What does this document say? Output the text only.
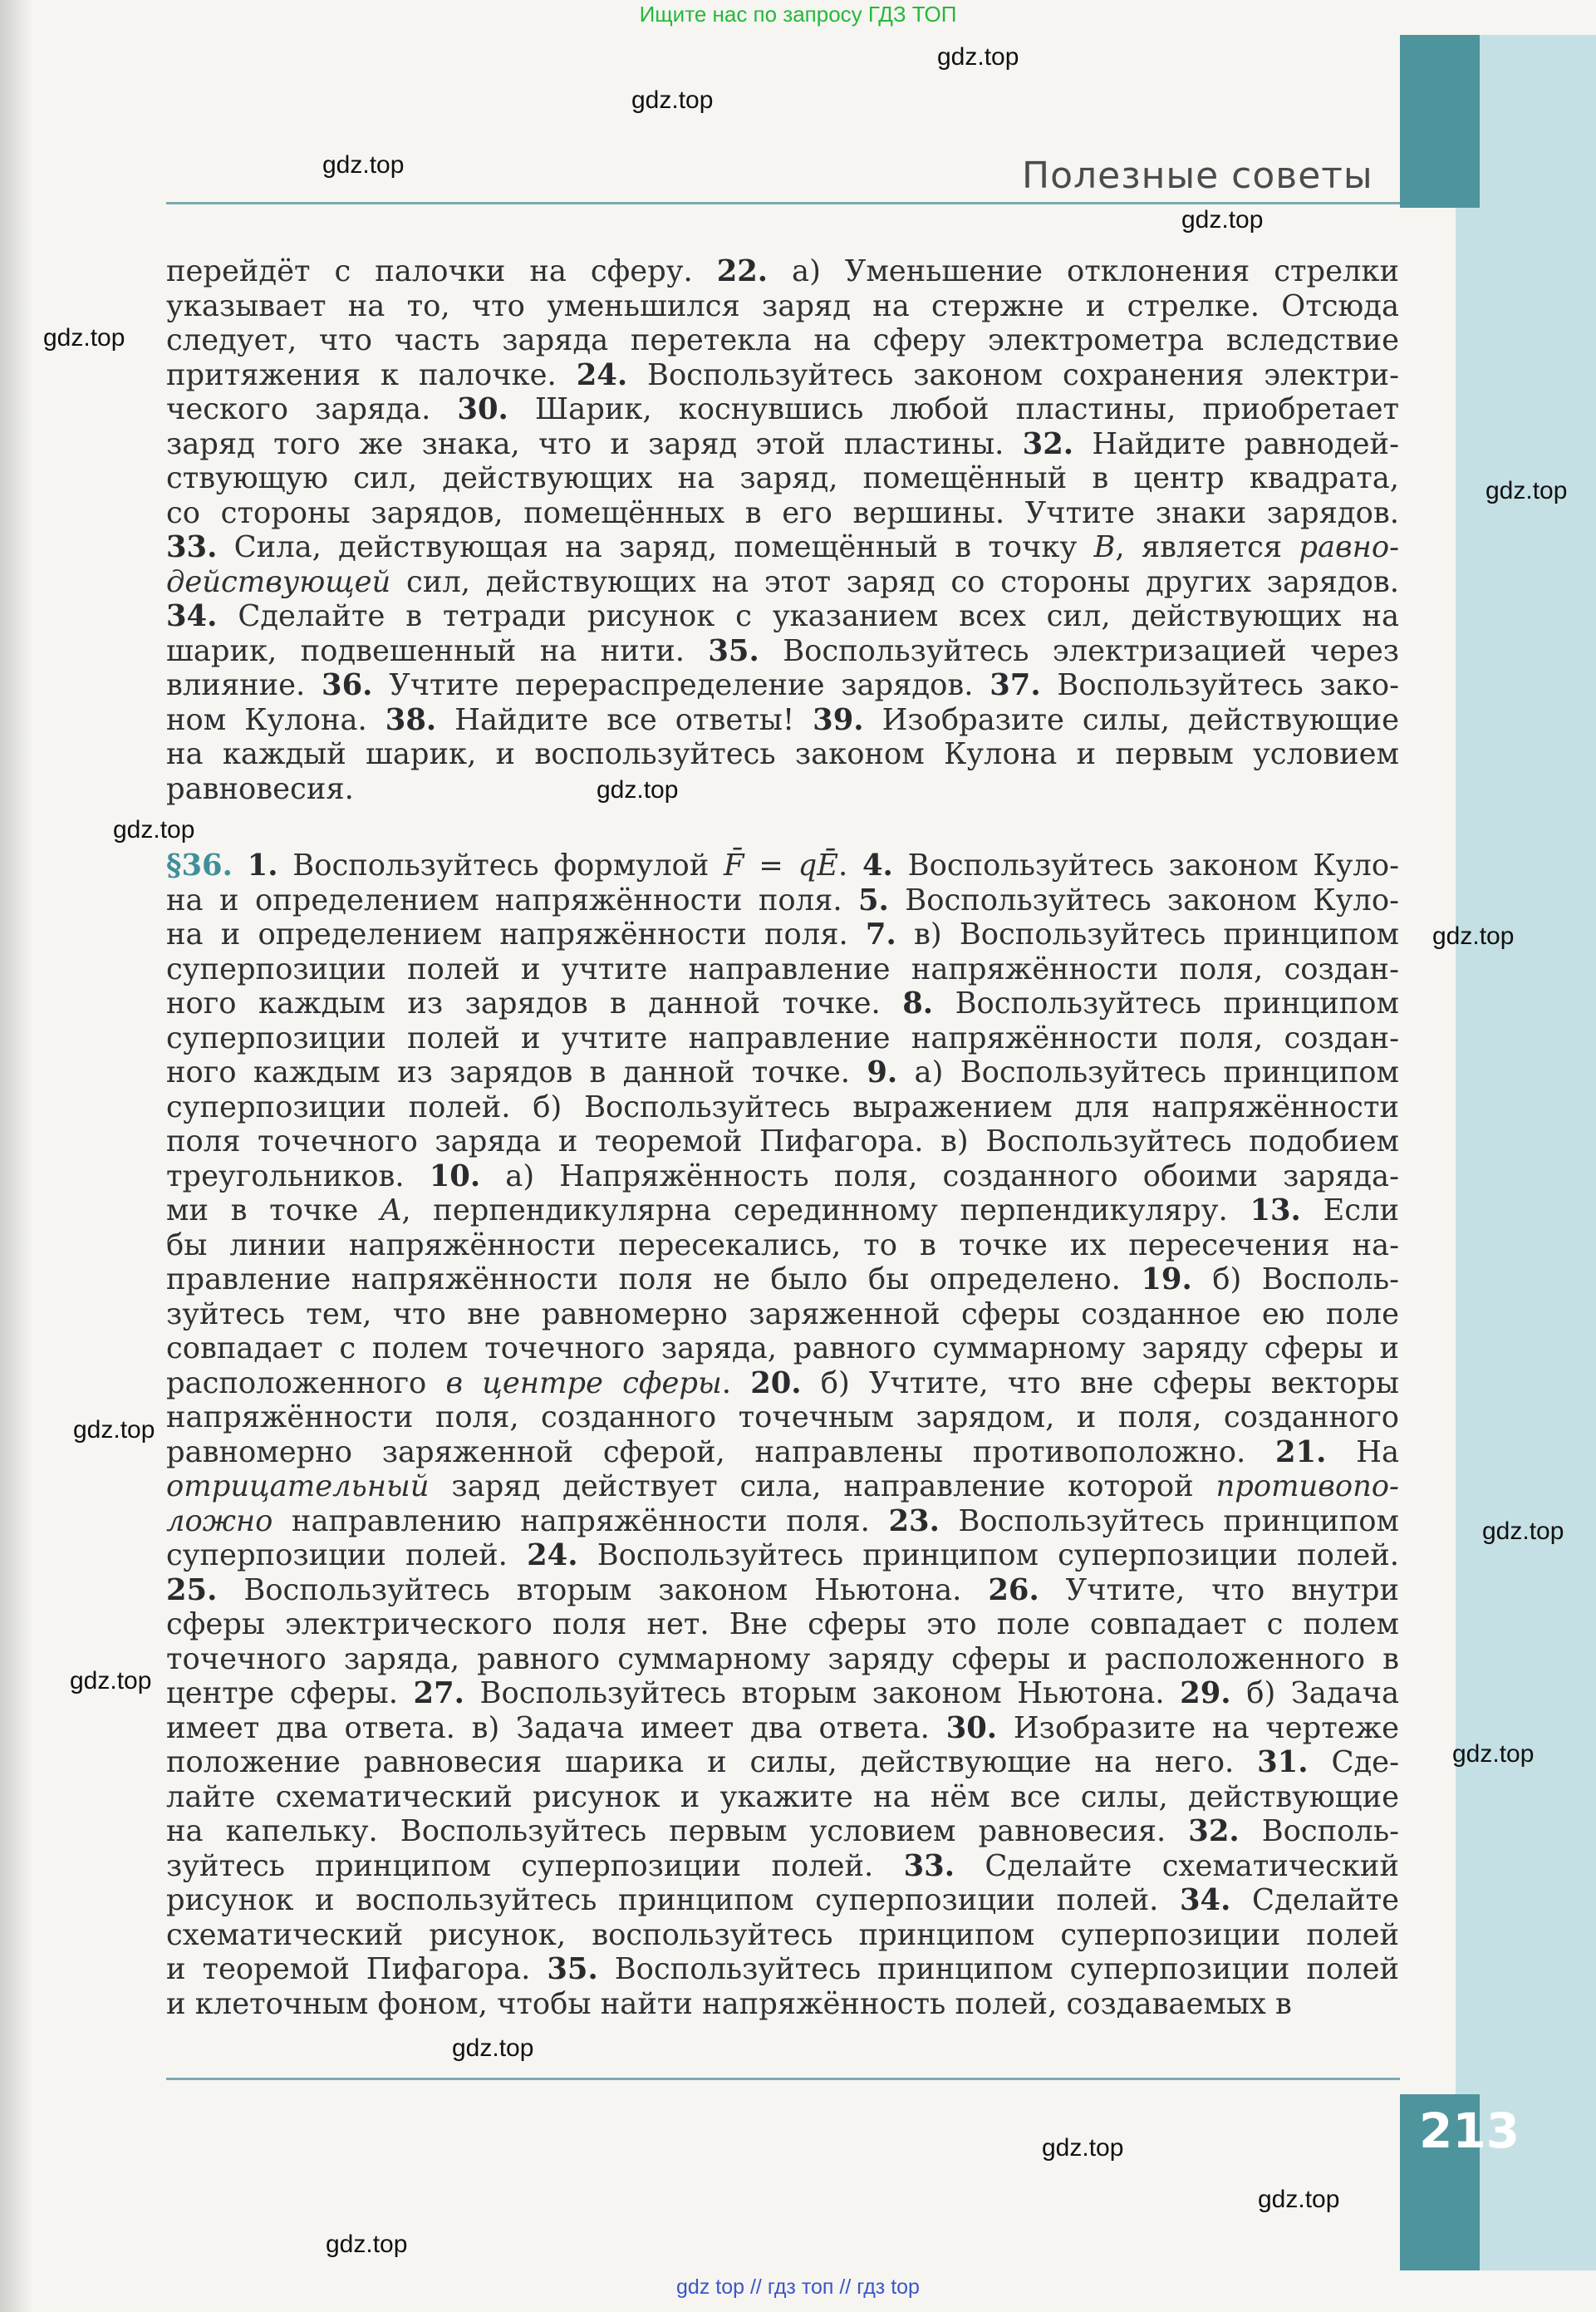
Ищите нас по запросу ГДЗ ТОП
Полезные советы

перейдёт с палочки на сферу. 22. а) Уменьшение отклонения стрелки

указывает на то, что уменьшился заряд на стержне и стрелке. Отсюда

следует, что часть заряда перетекла на сферу электрометра вследствие

притяжения к палочке. 24. Воспользуйтесь законом сохранения электри-

ческого заряда. 30. Шарик, коснувшись любой пластины, приобретает

заряд того же знака, что и заряд этой пластины. 32. Найдите равнодей-

ствующую сил, действующих на заряд, помещённый в центр квадрата,

со стороны зарядов, помещённых в его вершины. Учтите знаки зарядов.

33. Сила, действующая на заряд, помещённый в точку B, является равно-

действующей сил, действующих на этот заряд со стороны других зарядов.

34. Сделайте в тетради рисунок с указанием всех сил, действующих на

шарик, подвешенный на нити. 35. Воспользуйтесь электризацией через

влияние. 36. Учтите перераспределение зарядов. 37. Воспользуйтесь зако-

ном Кулона. 38. Найдите все ответы! 39. Изобразите силы, действующие

на каждый шарик, и воспользуйтесь законом Кулона и первым условием

равновесия.

§36. 1. Воспользуйтесь формулой F̄ = qĒ. 4. Воспользуйтесь законом Куло-

на и определением напряжённости поля. 5. Воспользуйтесь законом Куло-

на и определением напряжённости поля. 7. в) Воспользуйтесь принципом

суперпозиции полей и учтите направление напряжённости поля, создан-

ного каждым из зарядов в данной точке. 8. Воспользуйтесь принципом

суперпозиции полей и учтите направление напряжённости поля, создан-

ного каждым из зарядов в данной точке. 9. а) Воспользуйтесь принципом

суперпозиции полей. б) Воспользуйтесь выражением для напряжённости

поля точечного заряда и теоремой Пифагора. в) Воспользуйтесь подобием

треугольников. 10. а) Напряжённость поля, созданного обоими заряда-

ми в точке A, перпендикулярна серединному перпендикуляру. 13. Если

бы линии напряжённости пересекались, то в точке их пересечения на-

правление напряжённости поля не было бы определено. 19. б) Восполь-

зуйтесь тем, что вне равномерно заряженной сферы созданное ею поле

совпадает с полем точечного заряда, равного суммарному заряду сферы и

расположенного в центре сферы. 20. б) Учтите, что вне сферы векторы

напряжённости поля, созданного точечным зарядом, и поля, созданного

равномерно заряженной сферой, направлены противоположно. 21. На

отрицательный заряд действует сила, направление которой противопо-

ложно направлению напряжённости поля. 23. Воспользуйтесь принципом

суперпозиции полей. 24. Воспользуйтесь принципом суперпозиции полей.

25. Воспользуйтесь вторым законом Ньютона. 26. Учтите, что внутри

сферы электрического поля нет. Вне сферы это поле совпадает с полем

точечного заряда, равного суммарному заряду сферы и расположенного в

центре сферы. 27. Воспользуйтесь вторым законом Ньютона. 29. б) Задача

имеет два ответа. в) Задача имеет два ответа. 30. Изобразите на чертеже

положение равновесия шарика и силы, действующие на него. 31. Сде-

лайте схематический рисунок и укажите на нём все силы, действующие

на капельку. Воспользуйтесь первым условием равновесия. 32. Восполь-

зуйтесь принципом суперпозиции полей. 33. Сделайте схематический

рисунок и воспользуйтесь принципом суперпозиции полей. 34. Сделайте

схематический рисунок, воспользуйтесь принципом суперпозиции полей

и теоремой Пифагора. 35. Воспользуйтесь принципом суперпозиции полей

и клеточным фоном, чтобы найти напряжённость полей, создаваемых в

213
gdz.top
gdz.top
gdz.top
gdz.top
gdz.top
gdz.top
gdz.top
gdz.top
gdz.top
gdz.top
gdz.top
gdz.top
gdz.top
gdz.top
gdz.top
gdz.top
gdz.top
gdz top // гдз топ // гдз top
